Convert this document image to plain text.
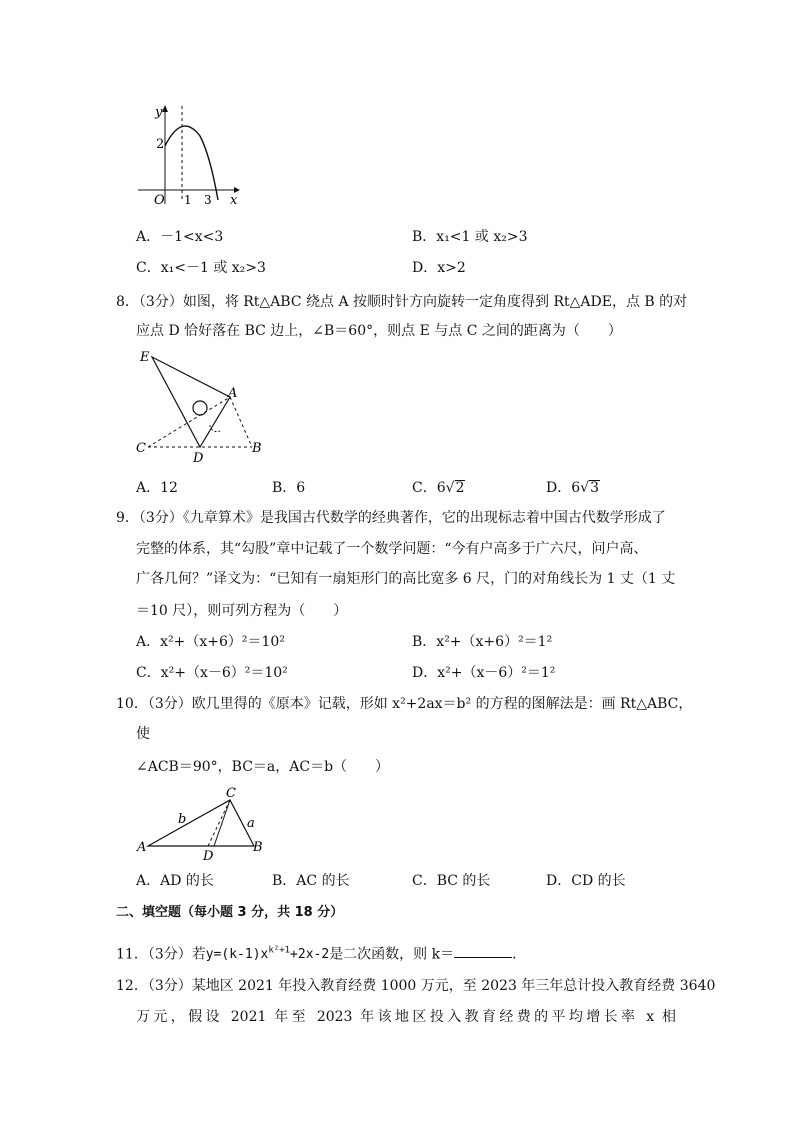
y
x
O
2
1 3
A．－1<x<3	B．x₁<1 或 x₂>3
C．x₁<－1 或 x₂>3	D．x>2
8．（3分）如图，将 Rt△ABC 绕点 A 按顺时针方向旋转一定角度得到 Rt△ADE，点 B 的对
应点 D 恰好落在 BC 边上，∠B＝60°，则点 E 与点 C 之间的距离为（　　）
E
A
C
D
B
A．12	B．6	C．6√2	D．6√3
9．（3分）《九章算术》是我国古代数学的经典著作，它的出现标志着中国古代数学形成了
完整的体系，其“勾股”章中记载了一个数学问题：“今有户高多于广六尺，问户高、
广各几何？”译文为：“已知有一扇矩形门的高比宽多 6 尺，门的对角线长为 1 丈（1 丈
＝10 尺），则可列方程为（　　）
A．x²+（x+6）²＝10²	B．x²+（x+6）²＝1²
C．x²+（x－6）²＝10²	D．x²+（x－6）²＝1²
10．（3分）欧几里得的《原本》记载，形如 x²+2ax＝b² 的方程的图解法是：画 Rt△ABC，
使
∠ACB＝90°，BC＝a，AC＝b（　　）
C
b	a
A
D
B
A．AD 的长	B．AC 的长	C．BC 的长	D．CD 的长
二、填空题（每小题 3 分，共 18 分）
11．（3分）若$y=(k-1)x^{k^2+1}+2x-2$是二次函数，则 k＝	．
12．（3分）某地区 2021 年投入教育经费 1000 万元，至 2023 年三年总计投入教育经费 3640
万元，假设 2021 年至 2023 年该地区投入教育经费的平均增长率 x 相
